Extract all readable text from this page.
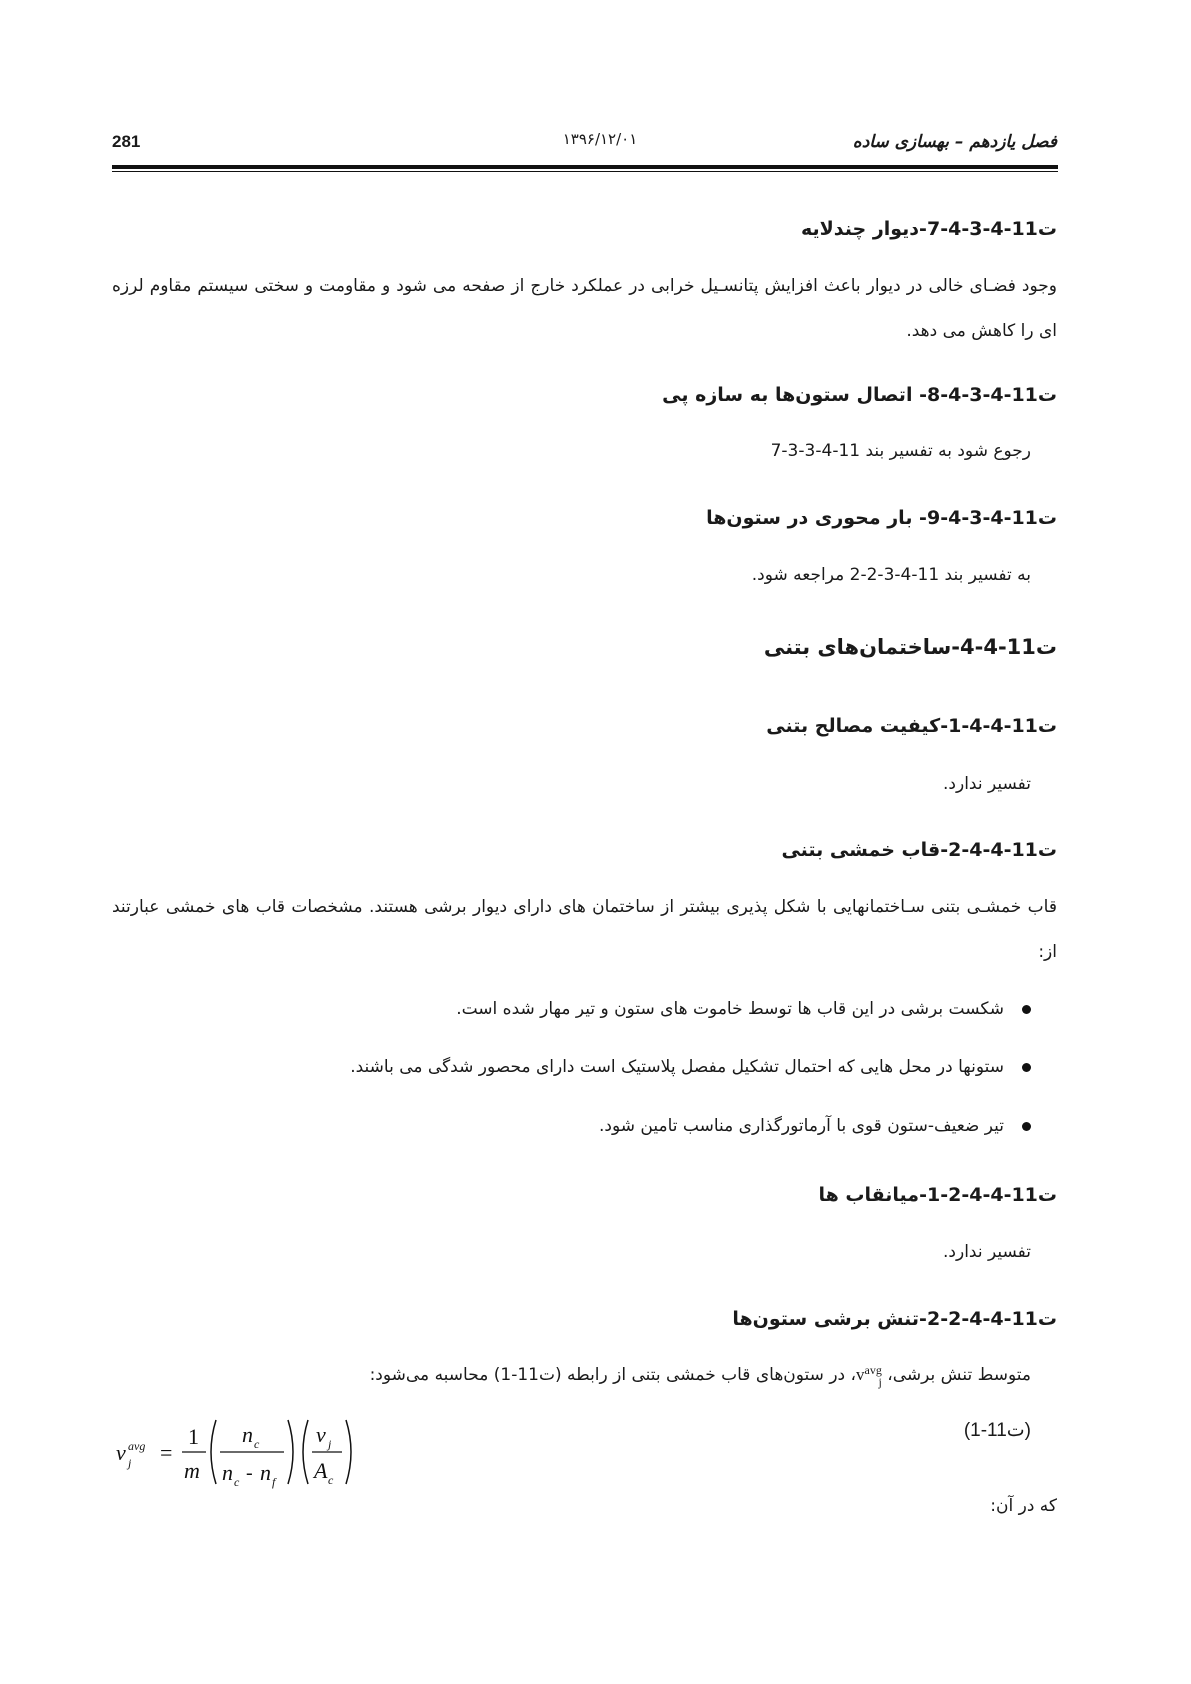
281	۱۳۹۶/۱۲/۰۱	فصل یازدهم – بهسازی ساده
ت11-4-3-4-7-دیوار چندلایه
وجود فضـای خالی در دیوار باعث افزایش پتانسـیل خرابی در عملکرد خارج از صفحه می شود و مقاومت و سختی سیستم مقاوم لرزه ای را کاهش می دهد.
ت11-4-3-4-8- اتصال ستون‌ها به سازه پی
رجوع شود به تفسیر بند 11-4-3-3-7
ت11-4-3-4-9- بار محوری در ستون‌ها
به تفسیر بند 11-4-3-2-2 مراجعه شود.
ت11-4-4-ساختمان‌های بتنی
ت11-4-4-1-کیفیت مصالح بتنی
تفسیر ندارد.
ت11-4-4-2-قاب خمشی بتنی
قاب خمشـی بتنی سـاختمانهایی با شکل پذیری بیشتر از ساختمان های دارای دیوار برشی هستند. مشخصات قاب های خمشی عبارتند از:
شکست برشی در این قاب ها توسط خاموت های ستون و تیر مهار شده است.
ستونها در محل هایی که احتمال تشکیل مفصل پلاستیک است دارای محصور شدگی می باشند.
تیر ضعیف-ستون قوی با آرماتورگذاری مناسب تامین شود.
ت11-4-4-2-1-میانقاب ها
تفسیر ندارد.
ت11-4-4-2-2-تنش برشی ستون‌ها
متوسط تنش برشی، v avg
j
، در ستون‌های قاب خمشی بتنی از رابطه (ت11-1) محاسبه می‌شود:
(ت11-1)
v avg
j =
1
m
n c
n c - n f
v j
A c
که در آن:
